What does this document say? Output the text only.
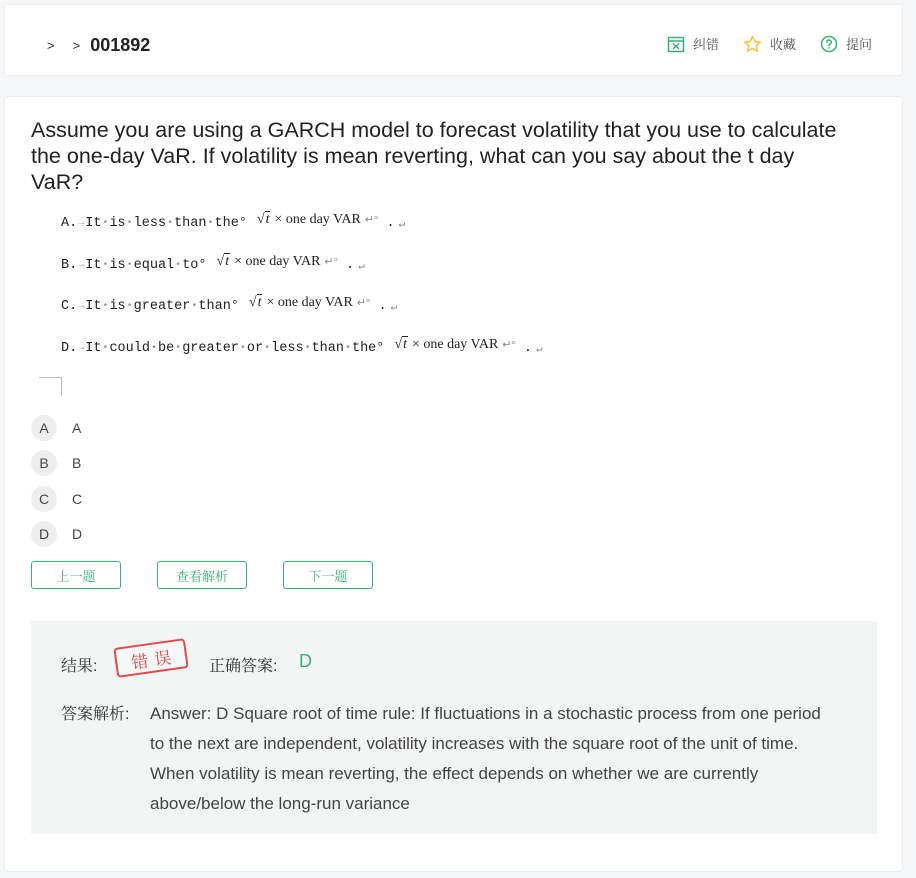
> > 001892	纠错	收藏	提问
Assume you are using a GARCH model to forecast volatility that you use to calculate the one-day VaR. If volatility is mean reverting, what can you say about the t day VaR?
A. → It • is • less • than • the° √ t × one day VAR ↵° . ↵
B. → It • is • equal • to° √ t × one day VAR ↵° . ↵
C. → It • is • greater • than° √ t × one day VAR ↵° . ↵
D. → It • could • be • greater • or • less • than • the° √ t × one day VAR ↵° . ↵
A	A
B	B
C	C
D	D
上一题	查看解析	下一题
结果:	错误	正确答案: D
答案解析: Answer: D Square root of time rule: If fluctuations in a stochastic process from one period to the next are independent, volatility increases with the square root of the unit of time. When volatility is mean reverting, the effect depends on whether we are currently above/below the long-run variance
